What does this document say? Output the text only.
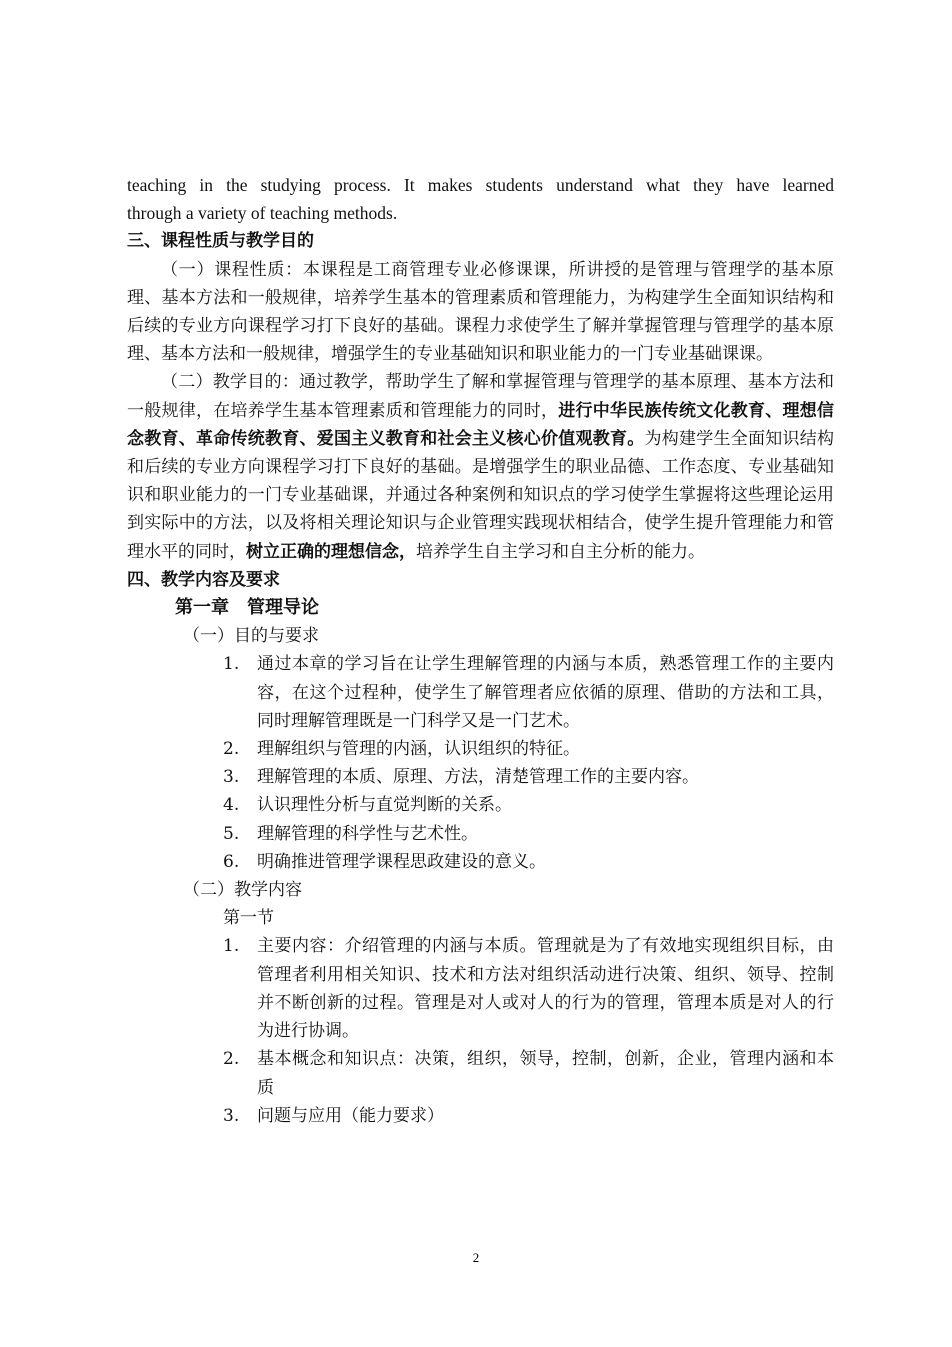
teaching in the studying process. It makes students understand what they have learned
through a variety of teaching methods.
三、课程性质与教学目的
（一）课程性质：本课程是工商管理专业必修课课，所讲授的是管理与管理学的基本原理、基本方法和一般规律，培养学生基本的管理素质和管理能力，为构建学生全面知识结构和后续的专业方向课程学习打下良好的基础。课程力求使学生了解并掌握管理与管理学的基本原理、基本方法和一般规律，增强学生的专业基础知识和职业能力的一门专业基础课课。
（二）教学目的：通过教学，帮助学生了解和掌握管理与管理学的基本原理、基本方法和一般规律，在培养学生基本管理素质和管理能力的同时，进行中华民族传统文化教育、理想信念教育、革命传统教育、爱国主义教育和社会主义核心价值观教育。为构建学生全面知识结构和后续的专业方向课程学习打下良好的基础。是增强学生的职业品德、工作态度、专业基础知识和职业能力的一门专业基础课，并通过各种案例和知识点的学习使学生掌握将这些理论运用到实际中的方法，以及将相关理论知识与企业管理实践现状相结合，使学生提升管理能力和管理水平的同时，树立正确的理想信念，培养学生自主学习和自主分析的能力。
四、教学内容及要求
第一章 管理导论
（一）目的与要求
1.	通过本章的学习旨在让学生理解管理的内涵与本质，熟悉管理工作的主要内容，在这个过程种，使学生了解管理者应依循的原理、借助的方法和工具，同时理解管理既是一门科学又是一门艺术。
2.	理解组织与管理的内涵，认识组织的特征。
3.	理解管理的本质、原理、方法，清楚管理工作的主要内容。
4.	认识理性分析与直觉判断的关系。
5.	理解管理的科学性与艺术性。
6.	明确推进管理学课程思政建设的意义。
（二）教学内容
第一节
1.	主要内容：介绍管理的内涵与本质。管理就是为了有效地实现组织目标，由管理者利用相关知识、技术和方法对组织活动进行决策、组织、领导、控制并不断创新的过程。管理是对人或对人的行为的管理，管理本质是对人的行为进行协调。
2.	基本概念和知识点：决策，组织，领导，控制，创新，企业，管理内涵和本质
3.	问题与应用（能力要求）
2
